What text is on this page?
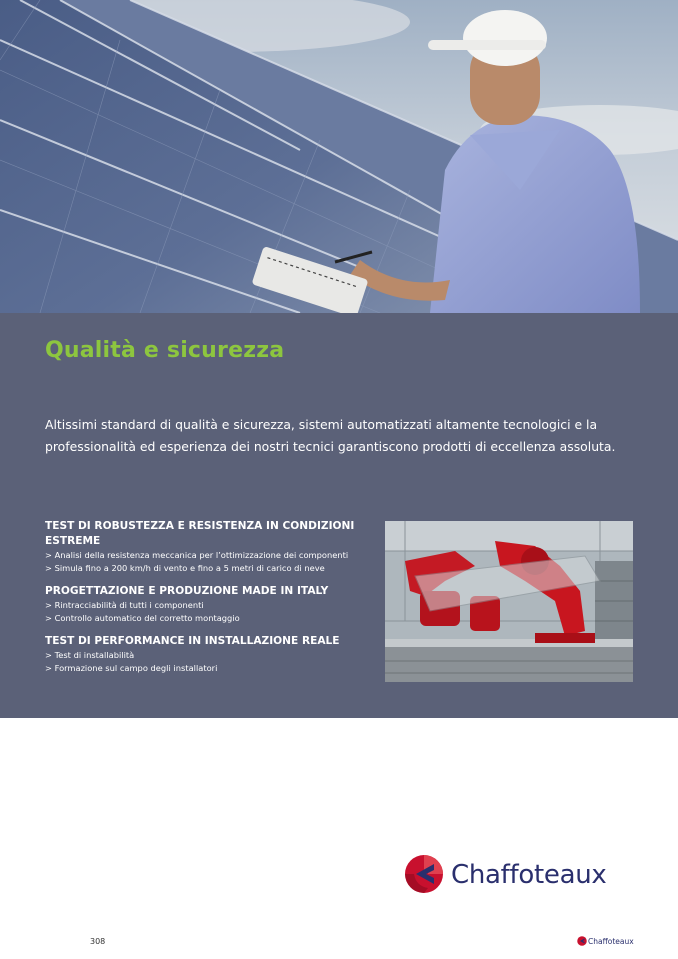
Qualità e sicurezza

Altissimi standard di qualità e sicurezza, sistemi automatizzati altamente tecnologici e la professionalità ed esperienza dei nostri tecnici garantiscono prodotti di eccellenza assoluta.

TEST DI ROBUSTEZZA E RESISTENZA IN CONDIZIONI ESTREME
> Analisi della resistenza meccanica per l’ottimizzazione dei componenti
> Simula fino a 200 km/h di vento e fino a 5 metri di carico di neve
PROGETTAZIONE E PRODUZIONE MADE IN ITALY
> Rintracciabilità di tutti i componenti
> Controllo automatico del corretto montaggio
TEST DI PERFORMANCE IN INSTALLAZIONE REALE
> Test di installabilità
> Formazione sul campo degli installatori
Chaffoteaux
308	Chaffoteaux
